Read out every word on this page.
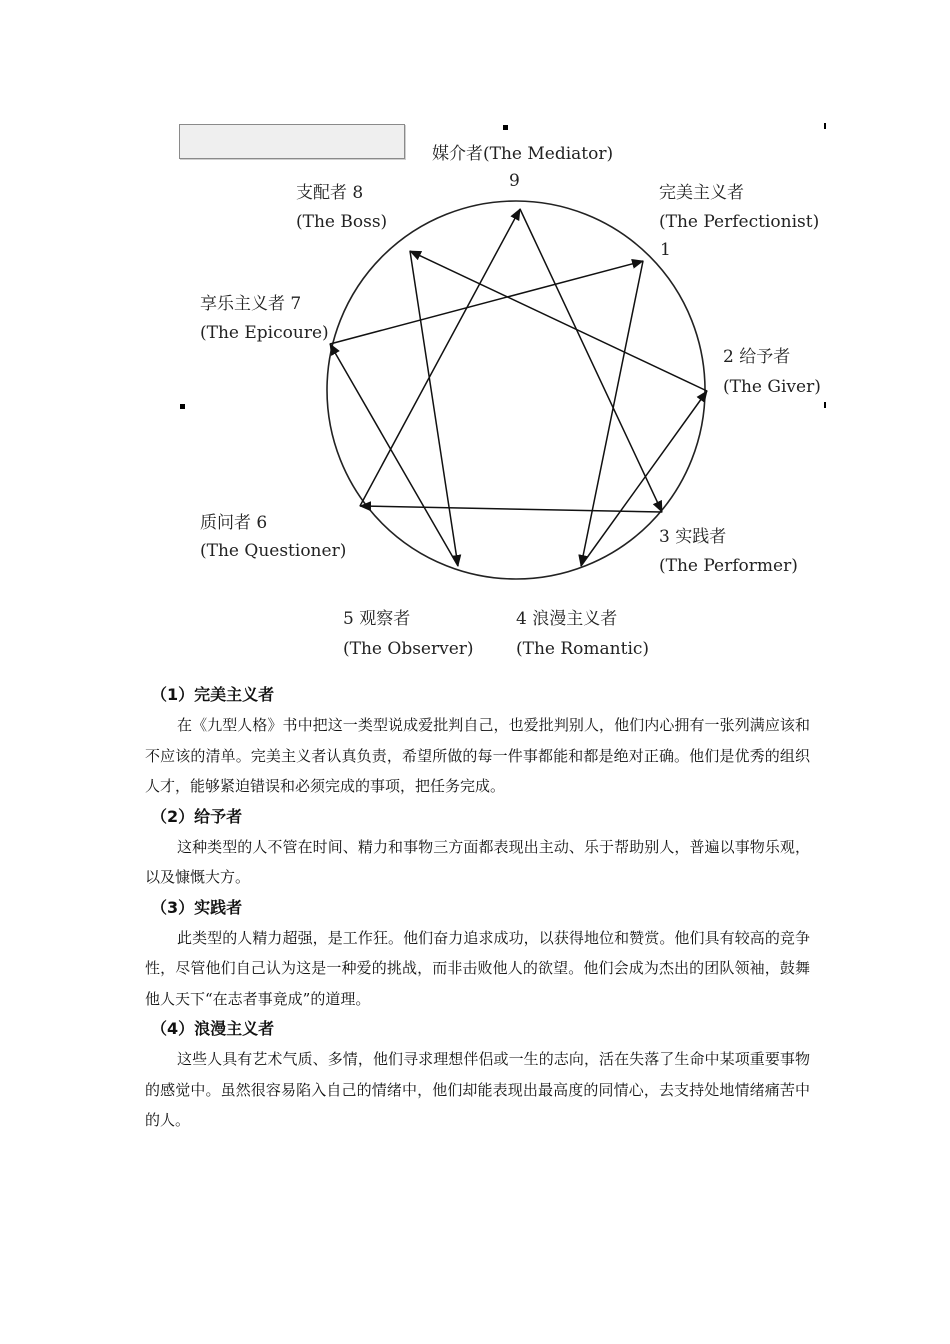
媒介者(The Mediator)
9
完美主义者
(The Perfectionist)
1
2 给予者
(The Giver)
3 实践者
(The Performer)
4 浪漫主义者
(The Romantic)
5 观察者
(The Observer)
质问者 6
(The Questioner)
享乐主义者 7
(The Epicoure)
支配者 8
(The Boss)
（1）完美主义者

在《九型人格》书中把这一类型说成爱批判自己，也爱批判别人，他们内心拥有一张列满应该和不应该的清单。完美主义者认真负责，希望所做的每一件事都能和都是绝对正确。他们是优秀的组织人才，能够紧迫错误和必须完成的事项，把任务完成。

（2）给予者

这种类型的人不管在时间、精力和事物三方面都表现出主动、乐于帮助别人，普遍以事物乐观，以及慷慨大方。

（3）实践者

此类型的人精力超强，是工作狂。他们奋力追求成功，以获得地位和赞赏。他们具有较高的竞争性，尽管他们自己认为这是一种爱的挑战，而非击败他人的欲望。他们会成为杰出的团队领袖，鼓舞他人天下“在志者事竟成”的道理。

（4）浪漫主义者

这些人具有艺术气质、多情，他们寻求理想伴侣或一生的志向，活在失落了生命中某项重要事物的感觉中。虽然很容易陷入自己的情绪中，他们却能表现出最高度的同情心，去支持处地情绪痛苦中的人。
